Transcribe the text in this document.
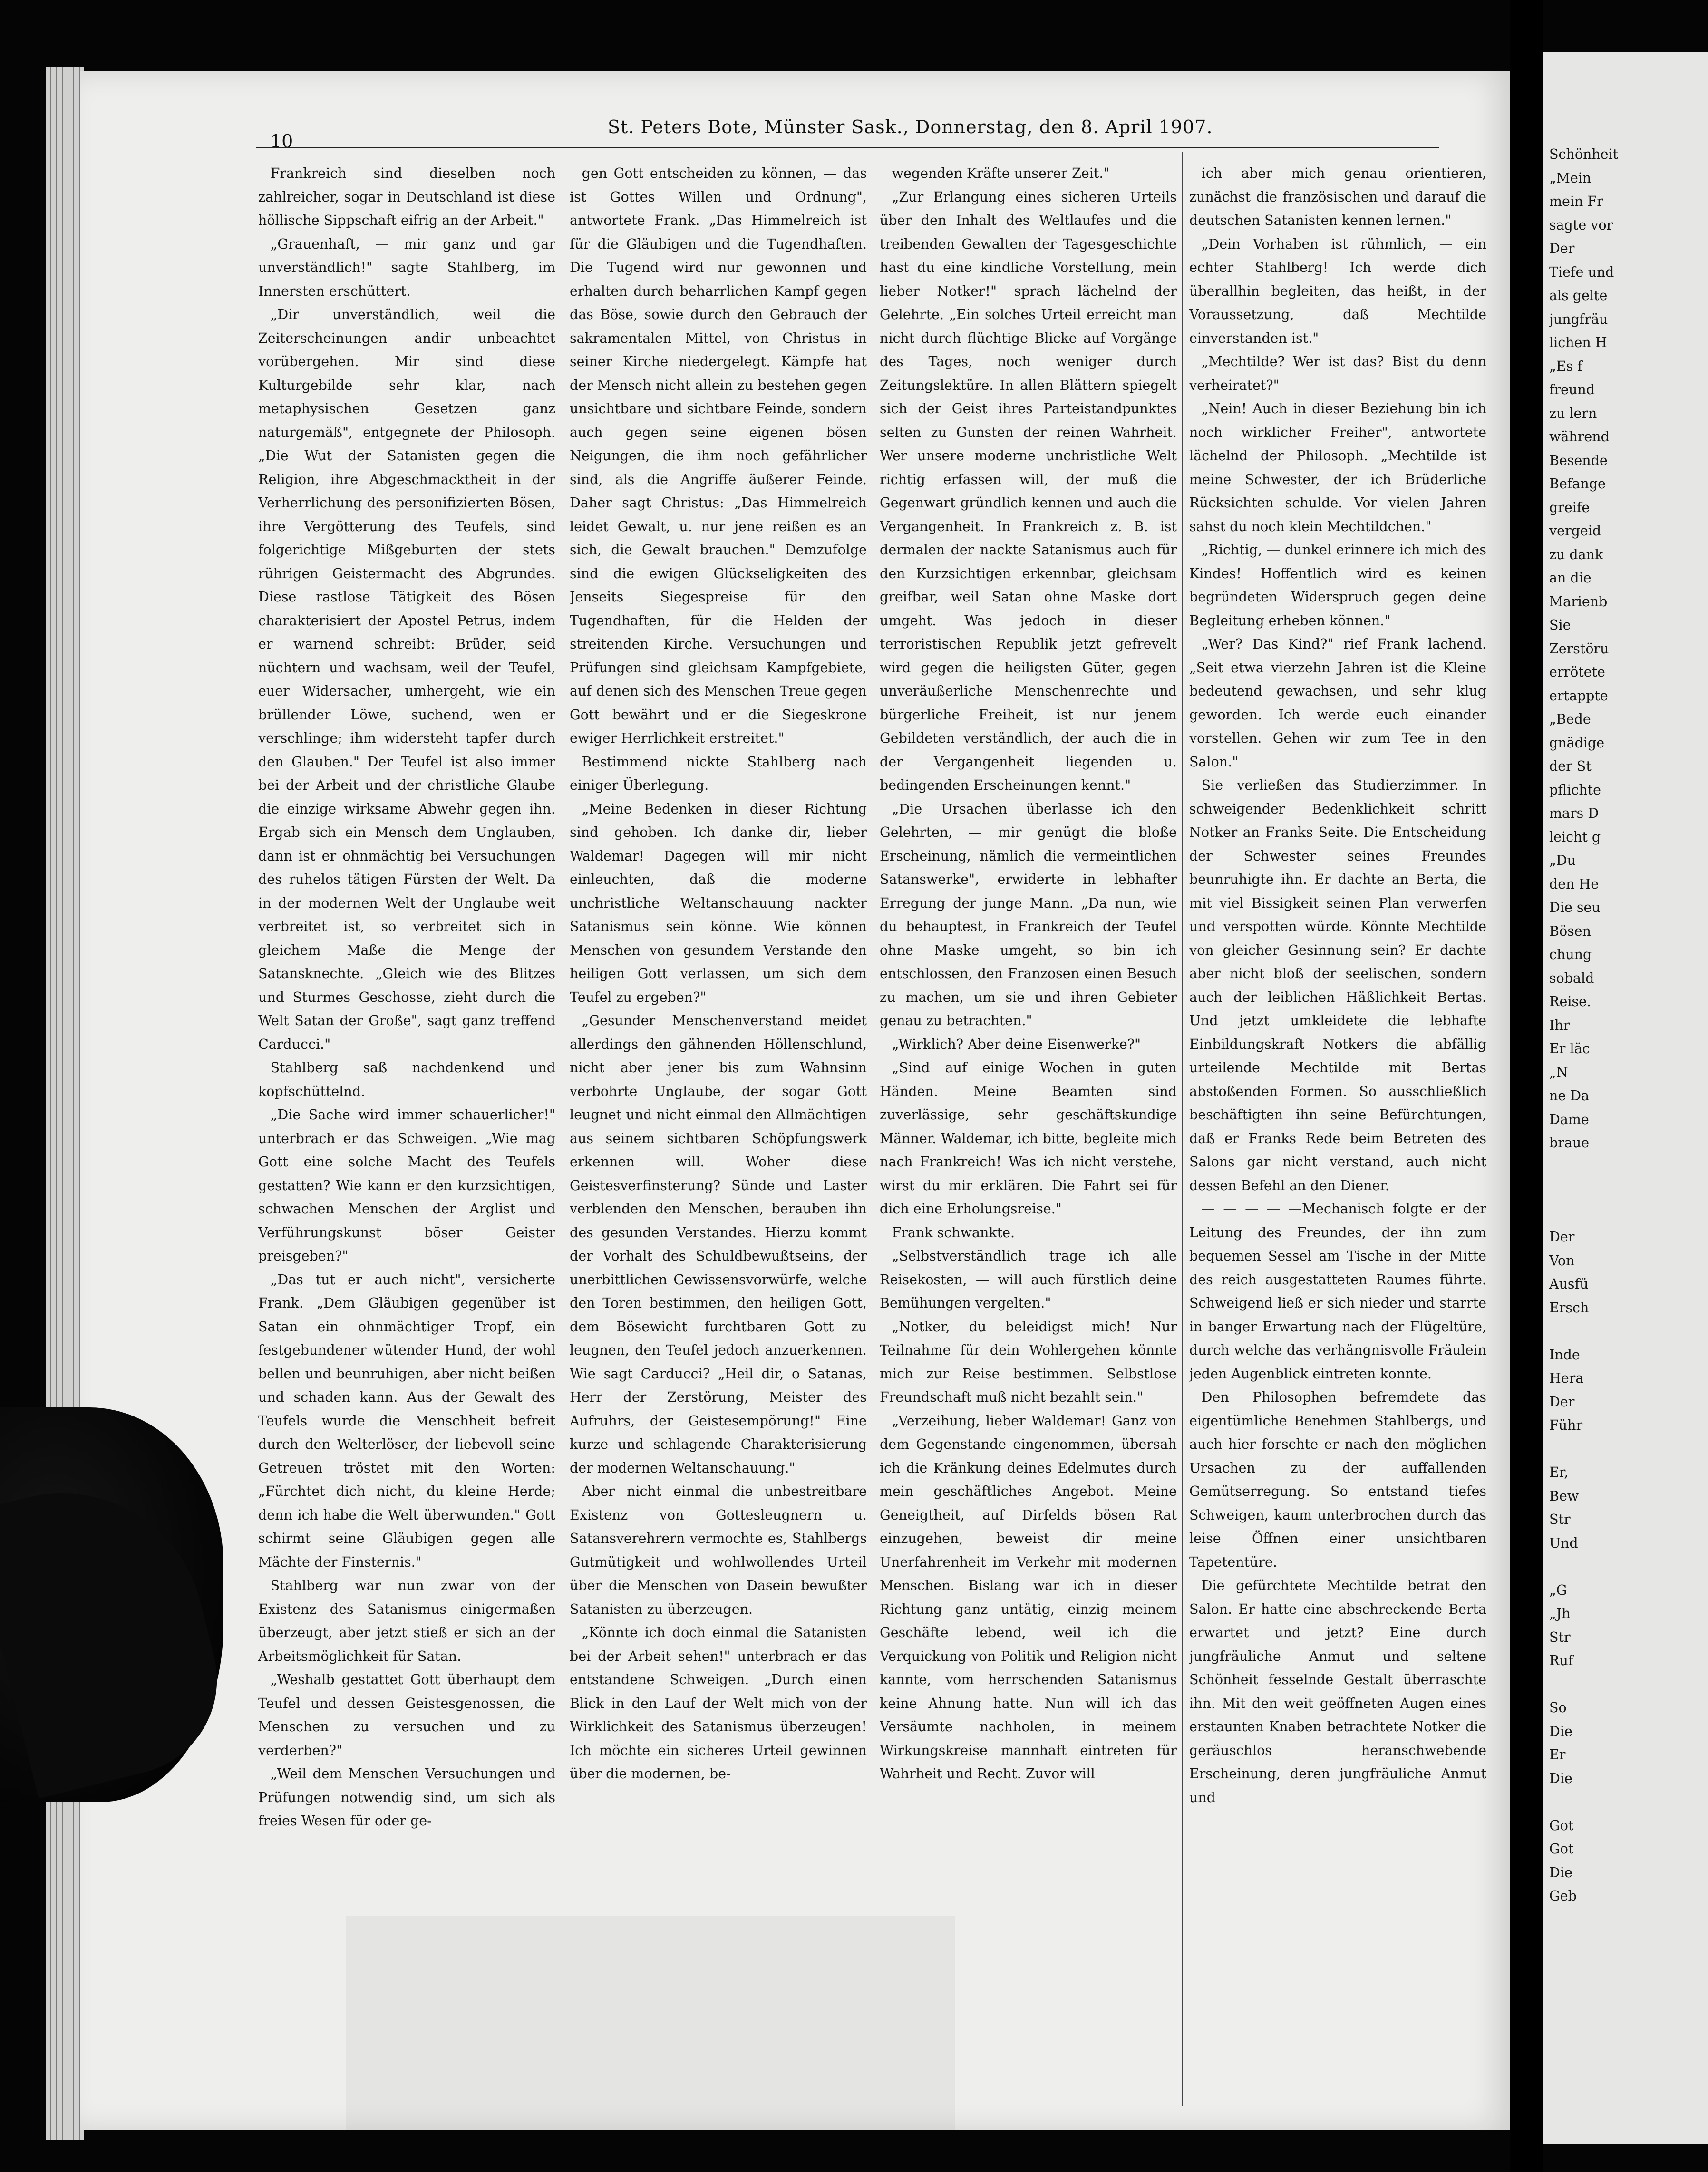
10
St. Peters Bote, Münster Sask., Donnerstag, den 8. April 1907.

Frankreich sind dieselben noch zahlreicher, sogar in Deutschland ist diese höllische Sippschaft eifrig an der Arbeit."

„Grauenhaft, — mir ganz und gar unverständlich!" sagte Stahlberg, im Innersten erschüttert.

„Dir unverständlich, weil die Zeiterscheinungen andir unbeachtet vorübergehen. Mir sind diese Kulturgebilde sehr klar, nach metaphysischen Gesetzen ganz naturgemäß", entgegnete der Philosoph. „Die Wut der Satanisten gegen die Religion, ihre Abgeschmacktheit in der Verherrlichung des personifizierten Bösen, ihre Vergötterung des Teufels, sind folgerichtige Mißgeburten der stets rührigen Geistermacht des Abgrundes. Diese rastlose Tätigkeit des Bösen charakterisiert der Apostel Petrus, indem er warnend schreibt: Brüder, seid nüchtern und wachsam, weil der Teufel, euer Widersacher, umhergeht, wie ein brüllender Löwe, suchend, wen er verschlinge; ihm widersteht tapfer durch den Glauben." Der Teufel ist also immer bei der Arbeit und der christliche Glaube die einzige wirksame Abwehr gegen ihn. Ergab sich ein Mensch dem Unglauben, dann ist er ohnmächtig bei Versuchungen des ruhelos tätigen Fürsten der Welt. Da in der modernen Welt der Unglaube weit verbreitet ist, so verbreitet sich in gleichem Maße die Menge der Satansknechte. „Gleich wie des Blitzes und Sturmes Geschosse, zieht durch die Welt Satan der Große", sagt ganz treffend Carducci."

Stahlberg saß nachdenkend und kopfschüttelnd.

„Die Sache wird immer schauerlicher!" unterbrach er das Schweigen. „Wie mag Gott eine solche Macht des Teufels gestatten? Wie kann er den kurzsichtigen, schwachen Menschen der Arglist und Verführungskunst böser Geister preisgeben?"

„Das tut er auch nicht", versicherte Frank. „Dem Gläubigen gegenüber ist Satan ein ohnmächtiger Tropf, ein festgebundener wütender Hund, der wohl bellen und beunruhigen, aber nicht beißen und schaden kann. Aus der Gewalt des Teufels wurde die Menschheit befreit durch den Welterlöser, der liebevoll seine Getreuen tröstet mit den Worten: „Fürchtet dich nicht, du kleine Herde; denn ich habe die Welt überwunden." Gott schirmt seine Gläubigen gegen alle Mächte der Finsternis."

Stahlberg war nun zwar von der Existenz des Satanismus einigermaßen überzeugt, aber jetzt stieß er sich an der Arbeitsmöglichkeit für Satan.

„Weshalb gestattet Gott überhaupt dem Teufel und dessen Geistesgenossen, die Menschen zu versuchen und zu verderben?"

„Weil dem Menschen Versuchungen und Prüfungen notwendig sind, um sich als freies Wesen für oder ge-

gen Gott entscheiden zu können, — das ist Gottes Willen und Ordnung", antwortete Frank. „Das Himmelreich ist für die Gläubigen und die Tugendhaften. Die Tugend wird nur gewonnen und erhalten durch beharrlichen Kampf gegen das Böse, sowie durch den Gebrauch der sakramentalen Mittel, von Christus in seiner Kirche niedergelegt. Kämpfe hat der Mensch nicht allein zu bestehen gegen unsichtbare und sichtbare Feinde, sondern auch gegen seine eigenen bösen Neigungen, die ihm noch gefährlicher sind, als die Angriffe äußerer Feinde. Daher sagt Christus: „Das Himmelreich leidet Gewalt, u. nur jene reißen es an sich, die Gewalt brauchen." Demzufolge sind die ewigen Glückseligkeiten des Jenseits Siegespreise für den Tugendhaften, für die Helden der streitenden Kirche. Versuchungen und Prüfungen sind gleichsam Kampfgebiete, auf denen sich des Menschen Treue gegen Gott bewährt und er die Siegeskrone ewiger Herrlichkeit erstreitet."

Bestimmend nickte Stahlberg nach einiger Überlegung.

„Meine Bedenken in dieser Richtung sind gehoben. Ich danke dir, lieber Waldemar! Dagegen will mir nicht einleuchten, daß die moderne unchristliche Weltanschauung nackter Satanismus sein könne. Wie können Menschen von gesundem Verstande den heiligen Gott verlassen, um sich dem Teufel zu ergeben?"

„Gesunder Menschenverstand meidet allerdings den gähnenden Höllenschlund, nicht aber jener bis zum Wahnsinn verbohrte Unglaube, der sogar Gott leugnet und nicht einmal den Allmächtigen aus seinem sichtbaren Schöpfungswerk erkennen will. Woher diese Geistesverfinsterung? Sünde und Laster verblenden den Menschen, berauben ihn des gesunden Verstandes. Hierzu kommt der Vorhalt des Schuldbewußtseins, der unerbittlichen Gewissensvorwürfe, welche den Toren bestimmen, den heiligen Gott, dem Bösewicht furchtbaren Gott zu leugnen, den Teufel jedoch anzuerkennen. Wie sagt Carducci? „Heil dir, o Satanas, Herr der Zerstörung, Meister des Aufruhrs, der Geistesempörung!" Eine kurze und schlagende Charakterisierung der modernen Weltanschauung."

Aber nicht einmal die unbestreitbare Existenz von Gottesleugnern u. Satansverehrern vermochte es, Stahlbergs Gutmütigkeit und wohlwollendes Urteil über die Menschen von Dasein bewußter Satanisten zu überzeugen.

„Könnte ich doch einmal die Satanisten bei der Arbeit sehen!" unterbrach er das entstandene Schweigen. „Durch einen Blick in den Lauf der Welt mich von der Wirklichkeit des Satanismus überzeugen! Ich möchte ein sicheres Urteil gewinnen über die modernen, be-

wegenden Kräfte unserer Zeit."

„Zur Erlangung eines sicheren Urteils über den Inhalt des Weltlaufes und die treibenden Gewalten der Tagesgeschichte hast du eine kindliche Vorstellung, mein lieber Notker!" sprach lächelnd der Gelehrte. „Ein solches Urteil erreicht man nicht durch flüchtige Blicke auf Vorgänge des Tages, noch weniger durch Zeitungslektüre. In allen Blättern spiegelt sich der Geist ihres Parteistandpunktes selten zu Gunsten der reinen Wahrheit. Wer unsere moderne unchristliche Welt richtig erfassen will, der muß die Gegenwart gründlich kennen und auch die Vergangenheit. In Frankreich z. B. ist dermalen der nackte Satanismus auch für den Kurzsichtigen erkennbar, gleichsam greifbar, weil Satan ohne Maske dort umgeht. Was jedoch in dieser terroristischen Republik jetzt gefrevelt wird gegen die heiligsten Güter, gegen unveräußerliche Menschenrechte und bürgerliche Freiheit, ist nur jenem Gebildeten verständlich, der auch die in der Vergangenheit liegenden u. bedingenden Erscheinungen kennt."

„Die Ursachen überlasse ich den Gelehrten, — mir genügt die bloße Erscheinung, nämlich die vermeintlichen Satanswerke", erwiderte in lebhafter Erregung der junge Mann. „Da nun, wie du behauptest, in Frankreich der Teufel ohne Maske umgeht, so bin ich entschlossen, den Franzosen einen Besuch zu machen, um sie und ihren Gebieter genau zu betrachten."

„Wirklich? Aber deine Eisenwerke?"

„Sind auf einige Wochen in guten Händen. Meine Beamten sind zuverlässige, sehr geschäftskundige Männer. Waldemar, ich bitte, begleite mich nach Frankreich! Was ich nicht verstehe, wirst du mir erklären. Die Fahrt sei für dich eine Erholungsreise."

Frank schwankte.

„Selbstverständlich trage ich alle Reisekosten, — will auch fürstlich deine Bemühungen vergelten."

„Notker, du beleidigst mich! Nur Teilnahme für dein Wohlergehen könnte mich zur Reise bestimmen. Selbstlose Freundschaft muß nicht bezahlt sein."

„Verzeihung, lieber Waldemar! Ganz von dem Gegenstande eingenommen, übersah ich die Kränkung deines Edelmutes durch mein geschäftliches Angebot. Meine Geneigtheit, auf Dirfelds bösen Rat einzugehen, beweist dir meine Unerfahrenheit im Verkehr mit modernen Menschen. Bislang war ich in dieser Richtung ganz untätig, einzig meinem Geschäfte lebend, weil ich die Verquickung von Politik und Religion nicht kannte, vom herrschenden Satanismus keine Ahnung hatte. Nun will ich das Versäumte nachholen, in meinem Wirkungskreise mannhaft eintreten für Wahrheit und Recht. Zuvor will

ich aber mich genau orientieren, zunächst die französischen und darauf die deutschen Satanisten kennen lernen."

„Dein Vorhaben ist rühmlich, — ein echter Stahlberg! Ich werde dich überallhin begleiten, das heißt, in der Voraussetzung, daß Mechtilde einverstanden ist."

„Mechtilde? Wer ist das? Bist du denn verheiratet?"

„Nein! Auch in dieser Beziehung bin ich noch wirklicher Freiher", antwortete lächelnd der Philosoph. „Mechtilde ist meine Schwester, der ich Brüderliche Rücksichten schulde. Vor vielen Jahren sahst du noch klein Mechtildchen."

„Richtig, — dunkel erinnere ich mich des Kindes! Hoffentlich wird es keinen begründeten Widerspruch gegen deine Begleitung erheben können."

„Wer? Das Kind?" rief Frank lachend. „Seit etwa vierzehn Jahren ist die Kleine bedeutend gewachsen, und sehr klug geworden. Ich werde euch einander vorstellen. Gehen wir zum Tee in den Salon."

Sie verließen das Studierzimmer. In schweigender Bedenklichkeit schritt Notker an Franks Seite. Die Entscheidung der Schwester seines Freundes beunruhigte ihn. Er dachte an Berta, die mit viel Bissigkeit seinen Plan verwerfen und verspotten würde. Könnte Mechtilde von gleicher Gesinnung sein? Er dachte aber nicht bloß der seelischen, sondern auch der leiblichen Häßlichkeit Bertas. Und jetzt umkleidete die lebhafte Einbildungskraft Notkers die abfällig urteilende Mechtilde mit Bertas abstoßenden Formen. So ausschließlich beschäftigten ihn seine Befürchtungen, daß er Franks Rede beim Betreten des Salons gar nicht verstand, auch nicht dessen Befehl an den Diener.

— — — — —Mechanisch folgte er der Leitung des Freundes, der ihn zum bequemen Sessel am Tische in der Mitte des reich ausgestatteten Raumes führte. Schweigend ließ er sich nieder und starrte in banger Erwartung nach der Flügeltüre, durch welche das verhängnisvolle Fräulein jeden Augenblick eintreten konnte.

Den Philosophen befremdete das eigentümliche Benehmen Stahlbergs, und auch hier forschte er nach den möglichen Ursachen zu der auffallenden Gemütserregung. So entstand tiefes Schweigen, kaum unterbrochen durch das leise Öffnen einer unsichtbaren Tapetentüre.

Die gefürchtete Mechtilde betrat den Salon. Er hatte eine abschreckende Berta erwartet und jetzt? Eine durch jungfräuliche Anmut und seltene Schönheit fesselnde Gestalt überraschte ihn. Mit den weit geöffneten Augen eines erstaunten Knaben betrachtete Notker die geräuschlos heranschwebende Erscheinung, deren jungfräuliche Anmut und

Schönheit
„Mein
mein Fr
sagte vor
Der
Tiefe und
als gelte
jungfräu
lichen H
„Es f
freund
zu lern
während
Besende
Befange
greife
vergeid
zu dank
an die
Marienb
Sie
Zerstöru
errötete
ertappte
„Bede
gnädige
der St
pflichte
mars D
leicht g
„Du
den He
Die seu
Bösen
chung
sobald
Reise.
Ihr
Er läc
„N
ne Da
Dame
braue

Der
Von
Ausfü
Ersch

Inde
Hera
Der
Führ

Er,
Bew
Str
Und

„G
„Jh
Str
Ruf

So
Die
Er
Die

Got
Got
Die
Geb
